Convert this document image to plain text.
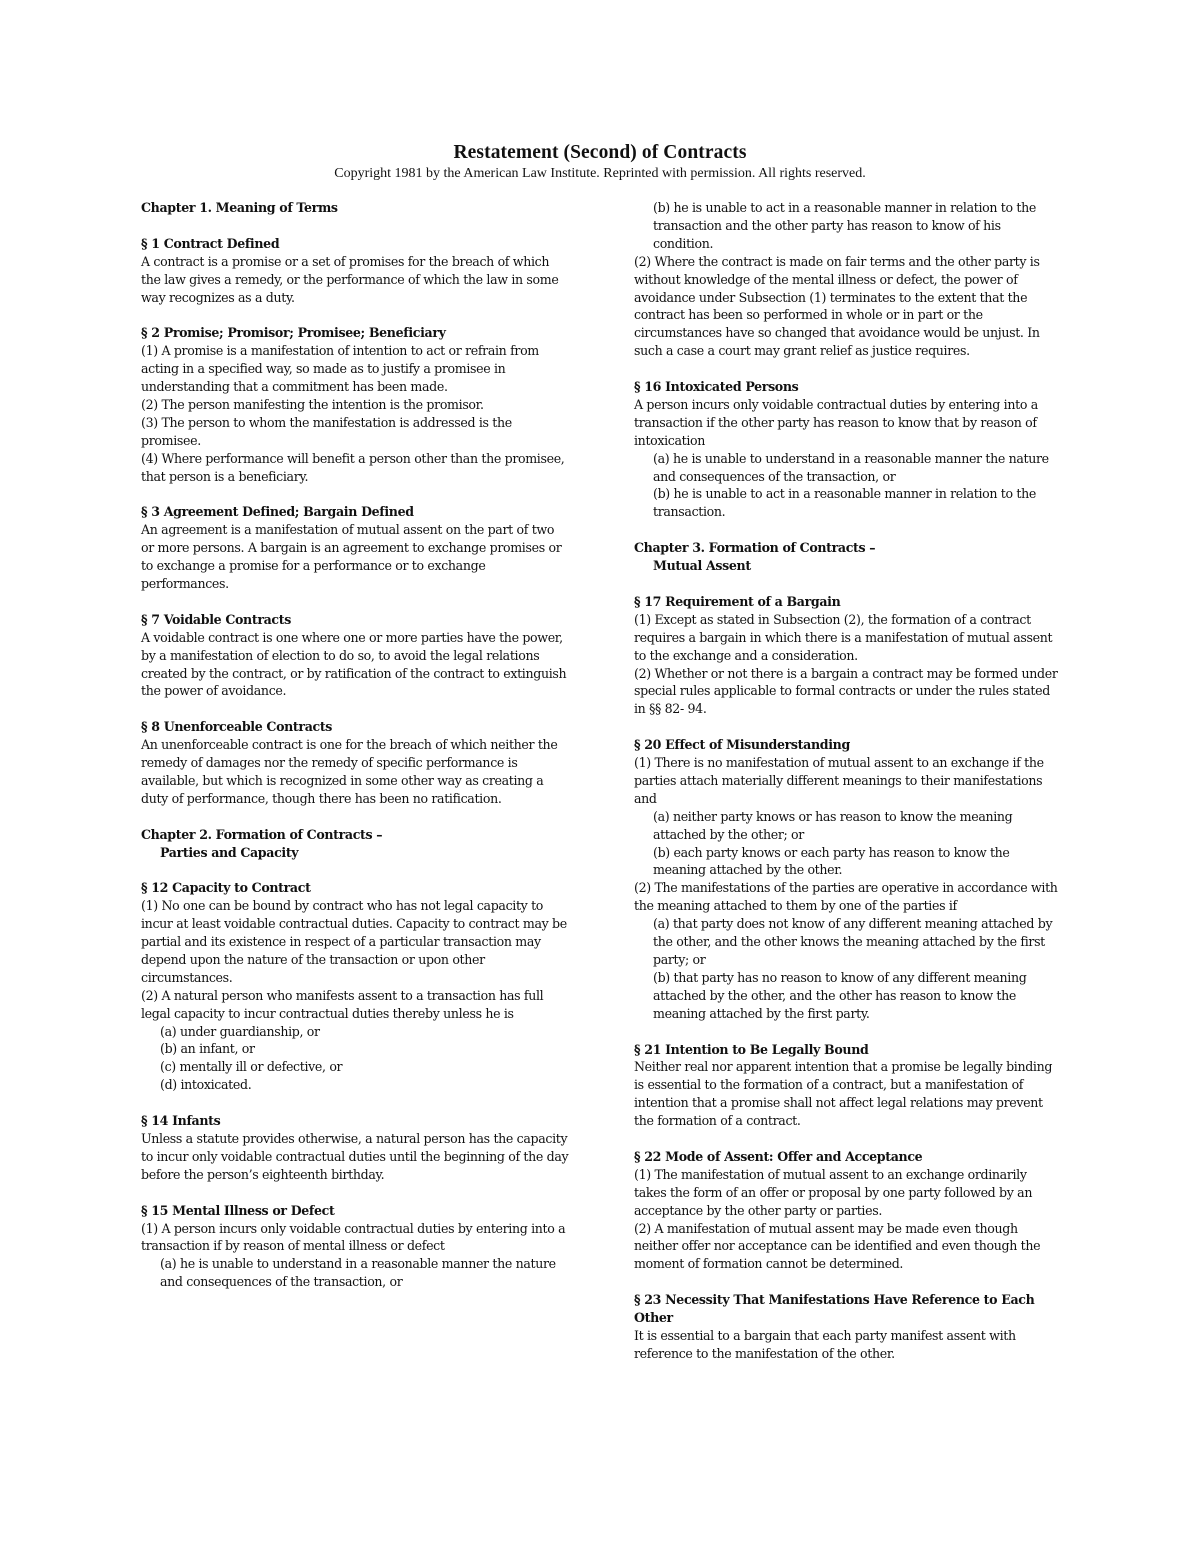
Restatement (Second) of Contracts
Copyright 1981 by the American Law Institute. Reprinted with permission. All rights reserved.
Chapter 1. Meaning of Terms
§ 1 Contract Defined
A contract is a promise or a set of promises for the breach of which the law gives a remedy, or the performance of which the law in some way recognizes as a duty.
§ 2 Promise; Promisor; Promisee; Beneficiary
(1) A promise is a manifestation of intention to act or refrain from acting in a specified way, so made as to justify a promisee in understanding that a commitment has been made.
(2) The person manifesting the intention is the promisor.
(3) The person to whom the manifestation is addressed is the promisee.
(4) Where performance will benefit a person other than the promisee, that person is a beneficiary.
§ 3 Agreement Defined; Bargain Defined
An agreement is a manifestation of mutual assent on the part of two or more persons. A bargain is an agreement to exchange promises or to exchange a promise for a performance or to exchange performances.
§ 7 Voidable Contracts
A voidable contract is one where one or more parties have the power, by a manifestation of election to do so, to avoid the legal relations created by the contract, or by ratification of the contract to extinguish the power of avoidance.
§ 8 Unenforceable Contracts
An unenforceable contract is one for the breach of which neither the remedy of damages nor the remedy of specific performance is available, but which is recognized in some other way as creating a duty of performance, though there has been no ratification.
Chapter 2. Formation of Contracts –
Parties and Capacity
§ 12 Capacity to Contract
(1) No one can be bound by contract who has not legal capacity to incur at least voidable contractual duties. Capacity to contract may be partial and its existence in respect of a particular transaction may depend upon the nature of the transaction or upon other circumstances.
(2) A natural person who manifests assent to a transaction has full legal capacity to incur contractual duties thereby unless he is
(a) under guardianship, or
(b) an infant, or
(c) mentally ill or defective, or
(d) intoxicated.
§ 14 Infants
Unless a statute provides otherwise, a natural person has the capacity to incur only voidable contractual duties until the beginning of the day before the person’s eighteenth birthday.
§ 15 Mental Illness or Defect
(1) A person incurs only voidable contractual duties by entering into a transaction if by reason of mental illness or defect
(a) he is unable to understand in a reasonable manner the nature and consequences of the transaction, or
(b) he is unable to act in a reasonable manner in relation to the transaction and the other party has reason to know of his condition.
(2) Where the contract is made on fair terms and the other party is without knowledge of the mental illness or defect, the power of avoidance under Subsection (1) terminates to the extent that the contract has been so performed in whole or in part or the circumstances have so changed that avoidance would be unjust. In such a case a court may grant relief as justice requires.
§ 16 Intoxicated Persons
A person incurs only voidable contractual duties by entering into a transaction if the other party has reason to know that by reason of intoxication
(a) he is unable to understand in a reasonable manner the nature and consequences of the transaction, or
(b) he is unable to act in a reasonable manner in relation to the transaction.
Chapter 3. Formation of Contracts –
Mutual Assent
§ 17 Requirement of a Bargain
(1) Except as stated in Subsection (2), the formation of a contract requires a bargain in which there is a manifestation of mutual assent to the exchange and a consideration.
(2) Whether or not there is a bargain a contract may be formed under special rules applicable to formal contracts or under the rules stated in §§ 82- 94.
§ 20 Effect of Misunderstanding
(1) There is no manifestation of mutual assent to an exchange if the parties attach materially different meanings to their manifestations and
(a) neither party knows or has reason to know the meaning attached by the other; or
(b) each party knows or each party has reason to know the meaning attached by the other.
(2) The manifestations of the parties are operative in accordance with the meaning attached to them by one of the parties if
(a) that party does not know of any different meaning attached by the other, and the other knows the meaning attached by the first party; or
(b) that party has no reason to know of any different meaning attached by the other, and the other has reason to know the meaning attached by the first party.
§ 21 Intention to Be Legally Bound
Neither real nor apparent intention that a promise be legally binding is essential to the formation of a contract, but a manifestation of intention that a promise shall not affect legal relations may prevent the formation of a contract.
§ 22 Mode of Assent: Offer and Acceptance
(1) The manifestation of mutual assent to an exchange ordinarily takes the form of an offer or proposal by one party followed by an acceptance by the other party or parties.
(2) A manifestation of mutual assent may be made even though neither offer nor acceptance can be identified and even though the moment of formation cannot be determined.
§ 23 Necessity That Manifestations Have Reference to Each Other
It is essential to a bargain that each party manifest assent with reference to the manifestation of the other.
